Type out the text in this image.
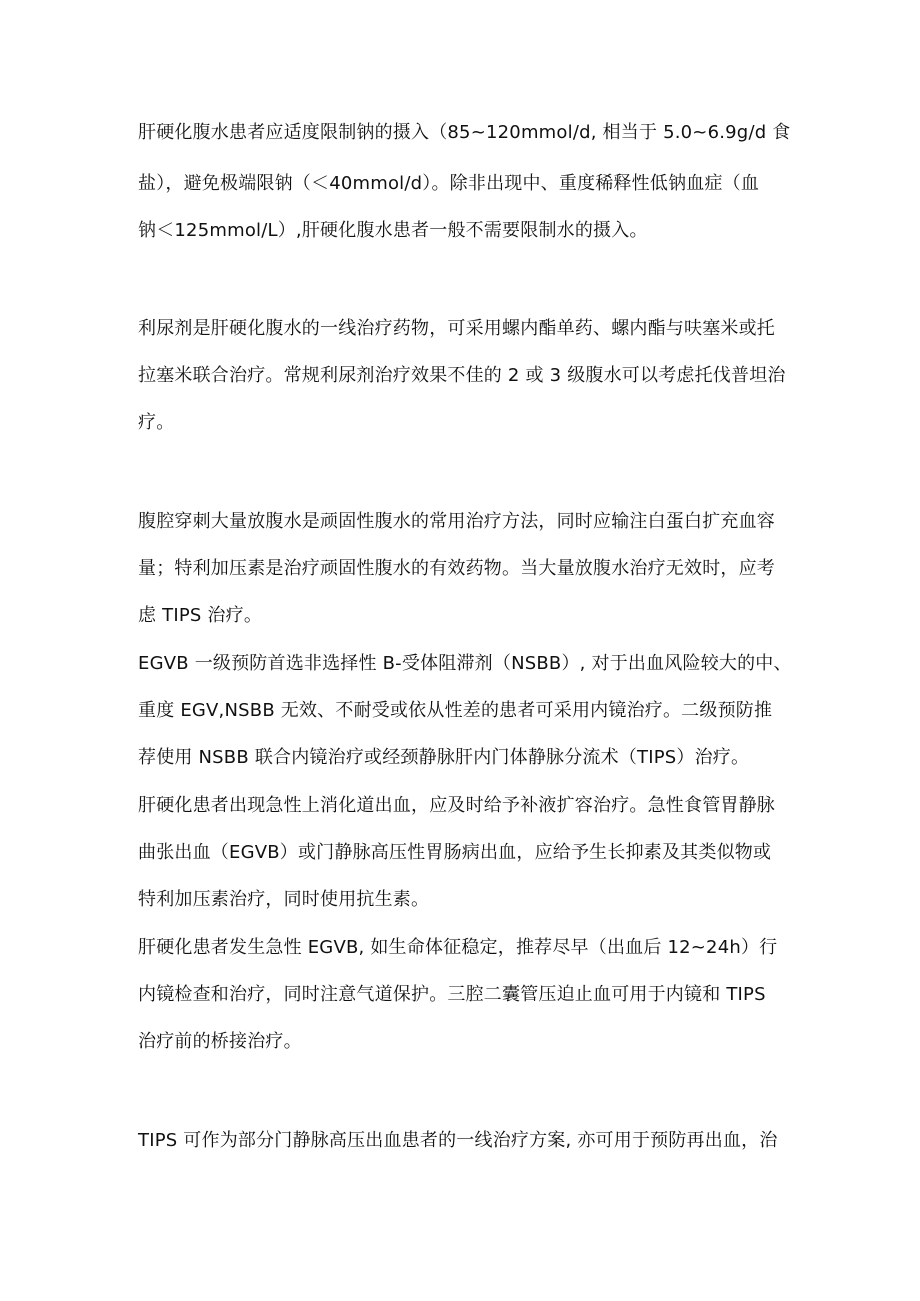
肝硬化腹水患者应适度限制钠的摄入（85~120mmol/d, 相当于 5.0~6.9g/d 食
盐），避免极端限钠（＜40mmol/d）。除非出现中、重度稀释性低钠血症（血
钠＜125mmol/L）,肝硬化腹水患者一般不需要限制水的摄入。
利尿剂是肝硬化腹水的一线治疗药物，可采用螺内酯单药、螺内酯与呋塞米或托
拉塞米联合治疗。常规利尿剂治疗效果不佳的 2 或 3 级腹水可以考虑托伐普坦治
疗。
腹腔穿刺大量放腹水是顽固性腹水的常用治疗方法，同时应输注白蛋白扩充血容
量；特利加压素是治疗顽固性腹水的有效药物。当大量放腹水治疗无效时，应考
虑 TIPS 治疗。
EGVB 一级预防首选非选择性 B-受体阻滞剂（NSBB）, 对于出血风险较大的中、
重度 EGV,NSBB 无效、不耐受或依从性差的患者可采用内镜治疗。二级预防推
荐使用 NSBB 联合内镜治疗或经颈静脉肝内门体静脉分流术（TIPS）治疗。
肝硬化患者出现急性上消化道出血，应及时给予补液扩容治疗。急性食管胃静脉
曲张出血（EGVB）或门静脉高压性胃肠病出血，应给予生长抑素及其类似物或
特利加压素治疗，同时使用抗生素。
肝硬化患者发生急性 EGVB, 如生命体征稳定，推荐尽早（出血后 12~24h）行
内镜检查和治疗，同时注意气道保护。三腔二囊管压迫止血可用于内镜和 TIPS
治疗前的桥接治疗。
TIPS 可作为部分门静脉高压出血患者的一线治疗方案, 亦可用于预防再出血，治
